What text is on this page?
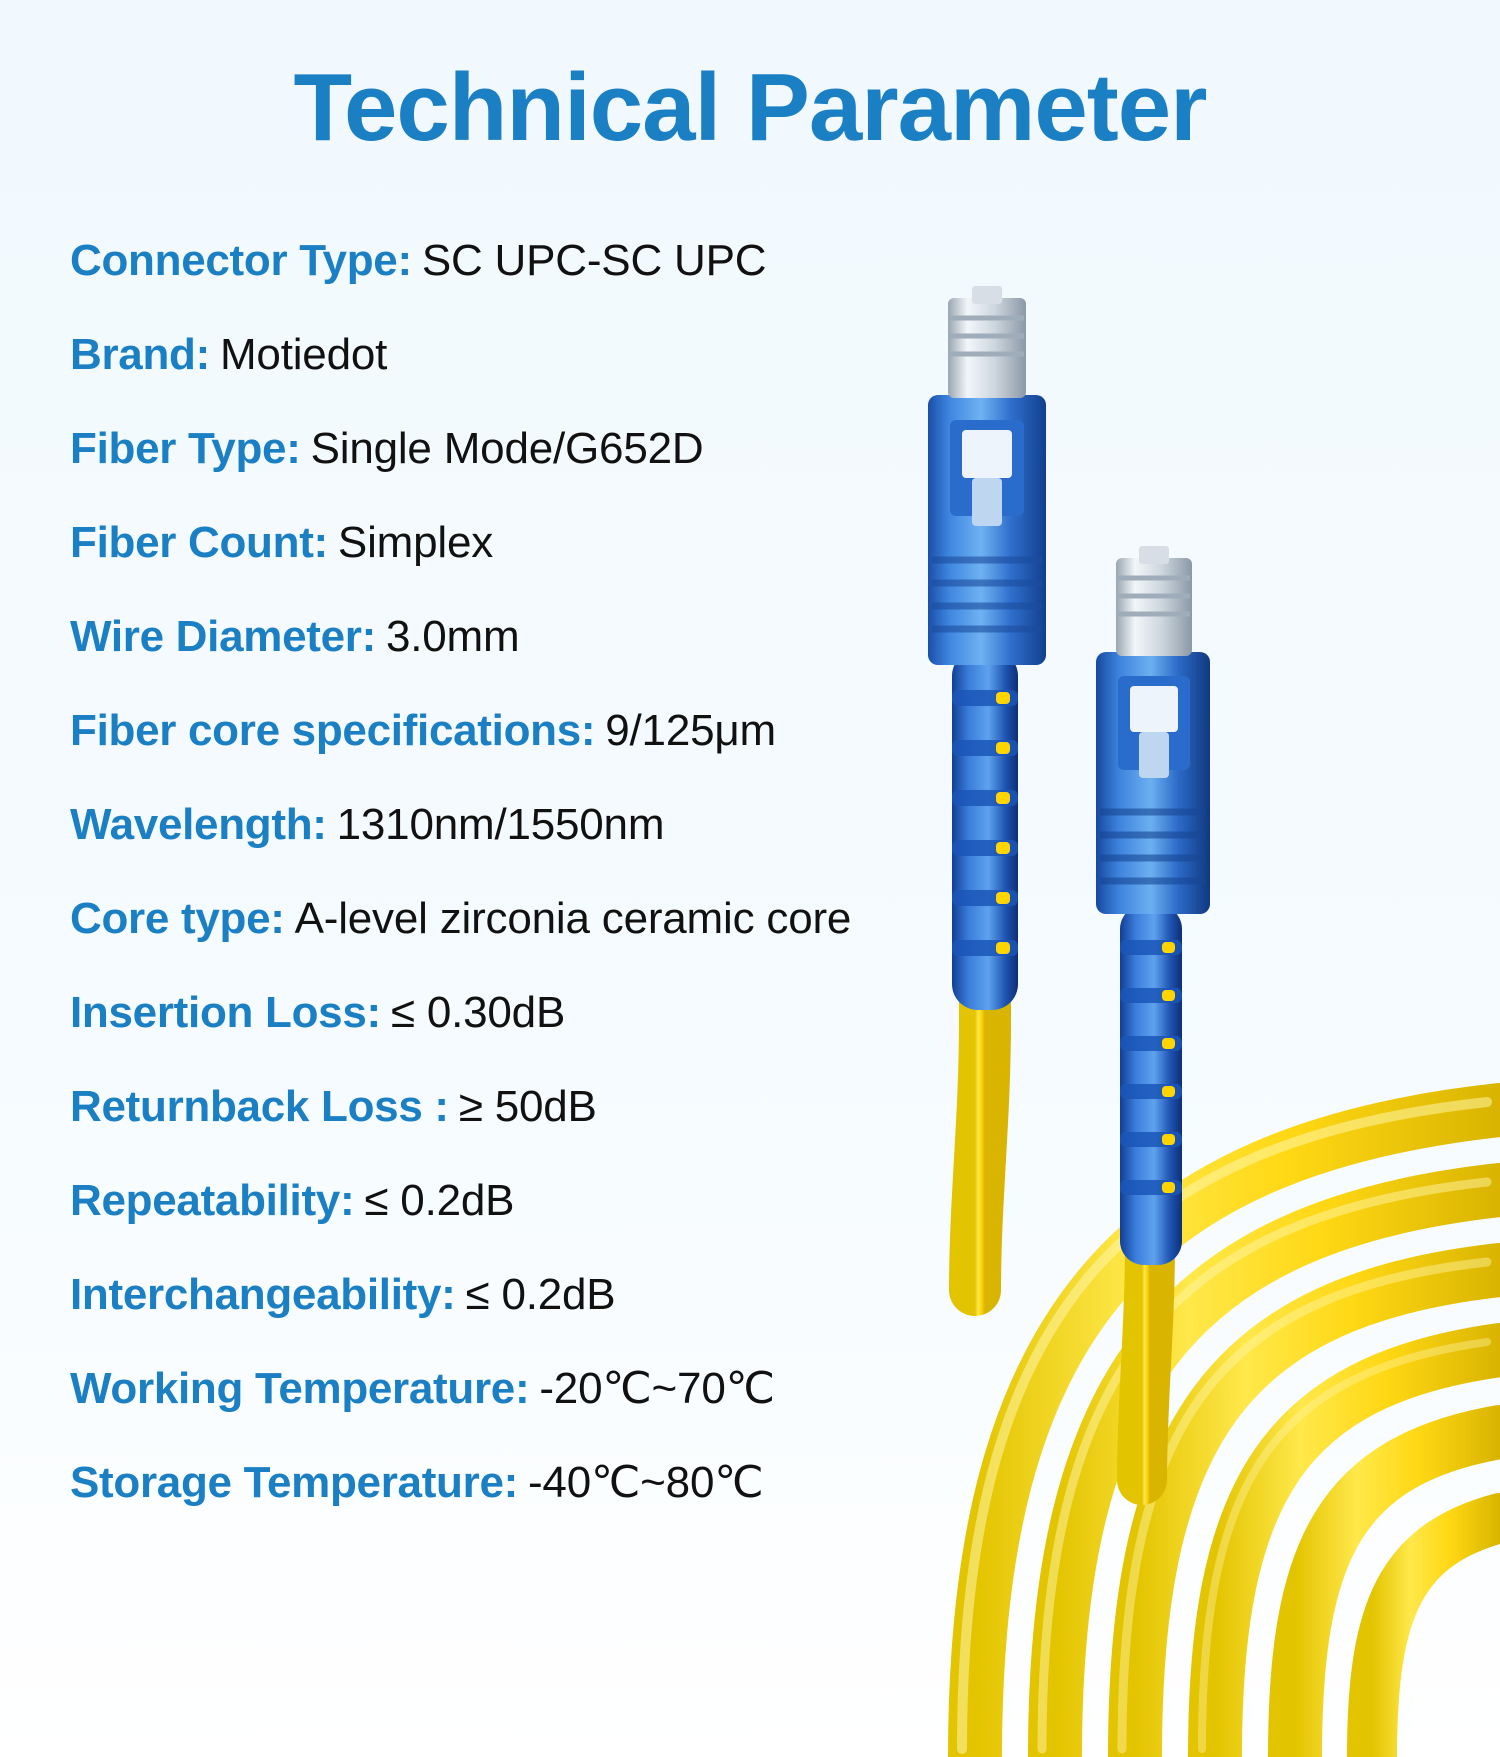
Technical Parameter
Connector Type: SC UPC-SC UPC
Brand: Motiedot
Fiber Type: Single Mode/G652D
Fiber Count: Simplex
Wire Diameter: 3.0mm
Fiber core specifications: 9/125μm
Wavelength: 1310nm/1550nm
Core type: A-level zirconia ceramic core
Insertion Loss: ≤ 0.30dB
Returnback Loss : ≥ 50dB
Repeatability: ≤ 0.2dB
Interchangeability: ≤ 0.2dB
Working Temperature: -20℃~70℃
Storage Temperature: -40℃~80℃
